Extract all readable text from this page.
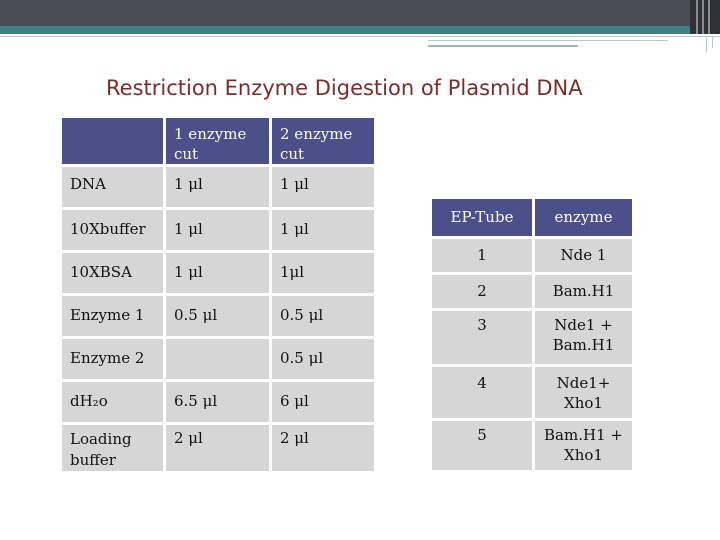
Restriction Enzyme Digestion of Plasmid DNA
	1 enzyme cut	2 enzyme cut
DNA	1 μl	1 μl
10Xbuffer	1 μl	1 μl
10XBSA	1 μl	1μl
Enzyme 1	0.5 μl	0.5 μl
Enzyme 2		0.5 μl
dH₂o	6.5 μl	6 μl
Loading buffer	2 μl	2 μl
EP-Tube	enzyme
1	Nde 1
2	Bam.H1
3	Nde1 + Bam.H1
4	Nde1+ Xho1
5	Bam.H1 + Xho1
